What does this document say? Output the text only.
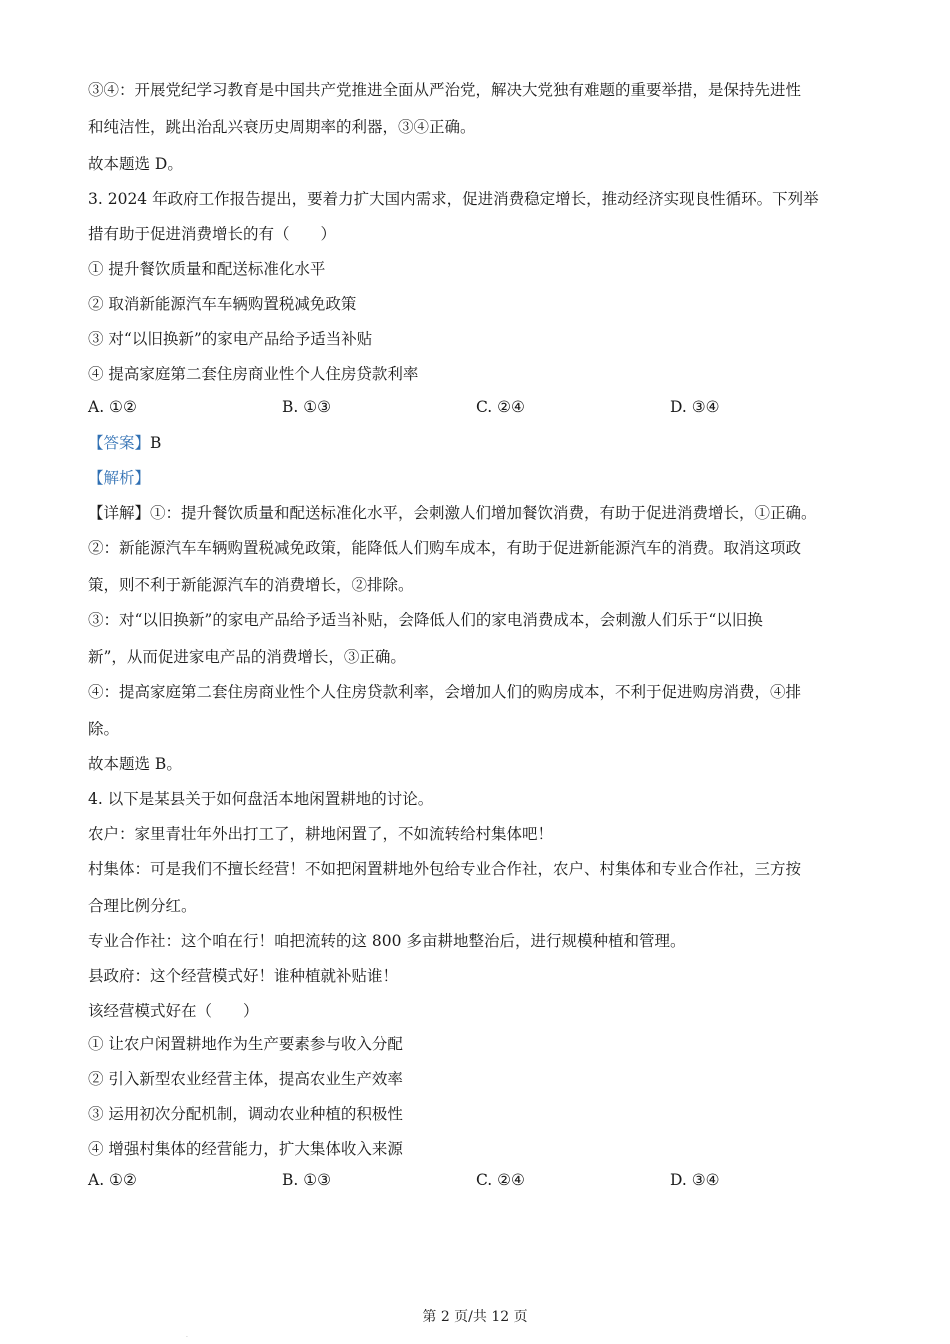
③④：开展党纪学习教育是中国共产党推进全面从严治党，解决大党独有难题的重要举措，是保持先进性
和纯洁性，跳出治乱兴衰历史周期率的利器，③④正确。
故本题选 D。
3. 2024 年政府工作报告提出，要着力扩大国内需求，促进消费稳定增长，推动经济实现良性循环。下列举
措有助于促进消费增长的有（　　）
① 提升餐饮质量和配送标准化水平
② 取消新能源汽车车辆购置税减免政策
③ 对“以旧换新”的家电产品给予适当补贴
④ 提高家庭第二套住房商业性个人住房贷款利率
A. ①②	B. ①③	C. ②④	D. ③④
【答案】B
【解析】
【详解】①：提升餐饮质量和配送标准化水平，会刺激人们增加餐饮消费，有助于促进消费增长，①正确。
②：新能源汽车车辆购置税减免政策，能降低人们购车成本，有助于促进新能源汽车的消费。取消这项政
策，则不利于新能源汽车的消费增长，②排除。
③：对“以旧换新”的家电产品给予适当补贴，会降低人们的家电消费成本，会刺激人们乐于“以旧换
新”，从而促进家电产品的消费增长，③正确。
④：提高家庭第二套住房商业性个人住房贷款利率，会增加人们的购房成本，不利于促进购房消费，④排
除。
故本题选 B。
4. 以下是某县关于如何盘活本地闲置耕地的讨论。
农户：家里青壮年外出打工了，耕地闲置了，不如流转给村集体吧！
村集体：可是我们不擅长经营！不如把闲置耕地外包给专业合作社，农户、村集体和专业合作社，三方按
合理比例分红。
专业合作社：这个咱在行！咱把流转的这 800 多亩耕地整治后，进行规模种植和管理。
县政府：这个经营模式好！谁种植就补贴谁！
该经营模式好在（　　）
① 让农户闲置耕地作为生产要素参与收入分配
② 引入新型农业经营主体，提高农业生产效率
③ 运用初次分配机制，调动农业种植的积极性
④ 增强村集体的经营能力，扩大集体收入来源
A. ①②	B. ①③	C. ②④	D. ③④
第 2 页/共 12 页
·
